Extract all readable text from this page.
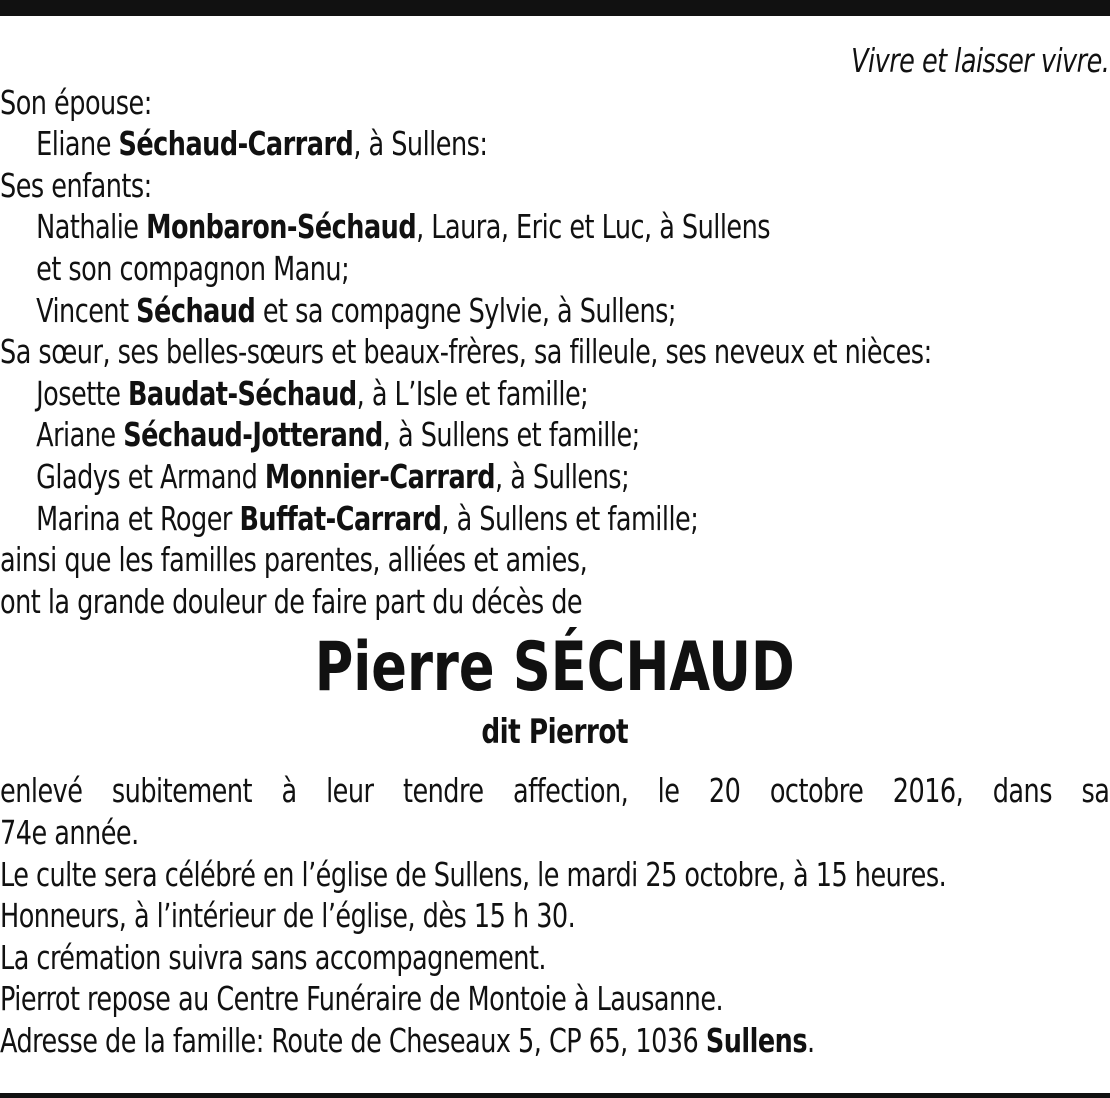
Vivre et laisser vivre.
Son épouse:
Eliane Séchaud-Carrard, à Sullens:
Ses enfants:
Nathalie Monbaron-Séchaud, Laura, Eric et Luc, à Sullens
et son compagnon Manu;
Vincent Séchaud et sa compagne Sylvie, à Sullens;
Sa sœur, ses belles-sœurs et beaux-frères, sa filleule, ses neveux et nièces:
Josette Baudat-Séchaud, à L’Isle et famille;
Ariane Séchaud-Jotterand, à Sullens et famille;
Gladys et Armand Monnier-Carrard, à Sullens;
Marina et Roger Buffat-Carrard, à Sullens et famille;
ainsi que les familles parentes, alliées et amies,
ont la grande douleur de faire part du décès de
Pierre SÉCHAUD
dit Pierrot
enlevé subitement à leur tendre affection, le 20 octobre 2016, dans sa
74e année.
Le culte sera célébré en l’église de Sullens, le mardi 25 octobre, à 15 heures.
Honneurs, à l’intérieur de l’église, dès 15 h 30.
La crémation suivra sans accompagnement.
Pierrot repose au Centre Funéraire de Montoie à Lausanne.
Adresse de la famille: Route de Cheseaux 5, CP 65, 1036 Sullens.
